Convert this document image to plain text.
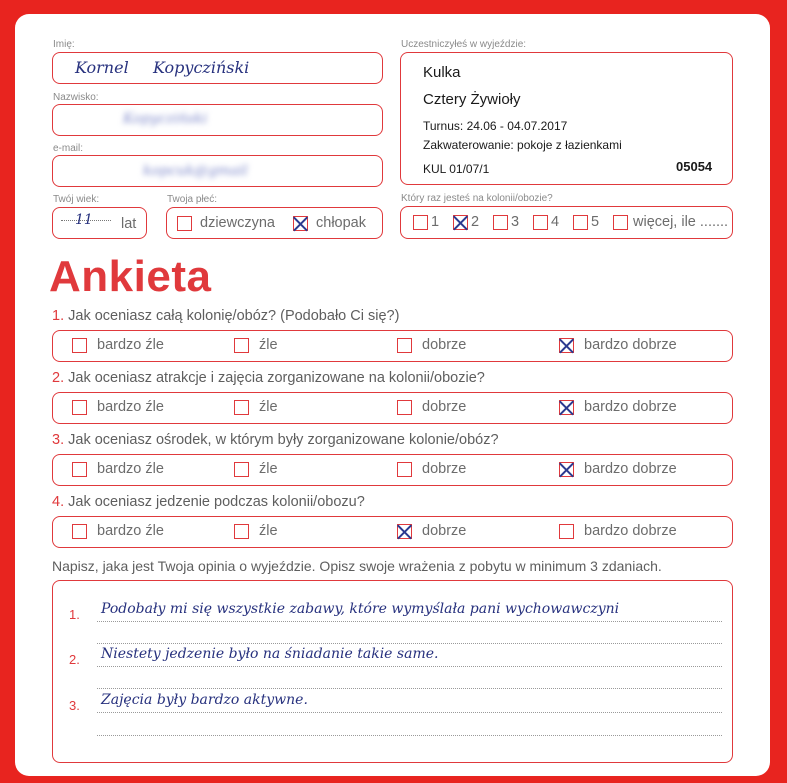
Imię:
Kornel Kopycziński
Nazwisko:
Kopycziński
e-mail:
kopcuk@gmail
Twój wiek:
11 lat
Twoja płeć:
dziewczyna	chłopak
Uczestniczyłeś w wyjeździe:
Kulka
Cztery Żywioły
Turnus: 24.06 - 04.07.2017
Zakwaterowanie: pokoje z łazienkami
KUL 01/07/1	05054
Który raz jesteś na kolonii/obozie?
1 2 3 4 5 więcej, ile .......
Ankieta
1. Jak oceniasz całą kolonię/obóz? (Podobało Ci się?)
bardzo źle	źle	dobrze	bardzo dobrze
2. Jak oceniasz atrakcje i zajęcia zorganizowane na kolonii/obozie?
bardzo źle	źle	dobrze	bardzo dobrze
3. Jak oceniasz ośrodek, w którym były zorganizowane kolonie/obóz?
bardzo źle	źle	dobrze	bardzo dobrze
4. Jak oceniasz jedzenie podczas kolonii/obozu?
bardzo źle	źle	dobrze	bardzo dobrze
Napisz, jaka jest Twoja opinia o wyjeździe. Opisz swoje wrażenia z pobytu w minimum 3 zdaniach.
1. Podobały mi się wszystkie zabawy, które wymyślała pani wychowawczyni
2. Niestety jedzenie było na śniadanie takie same.
3. Zajęcia były bardzo aktywne.
